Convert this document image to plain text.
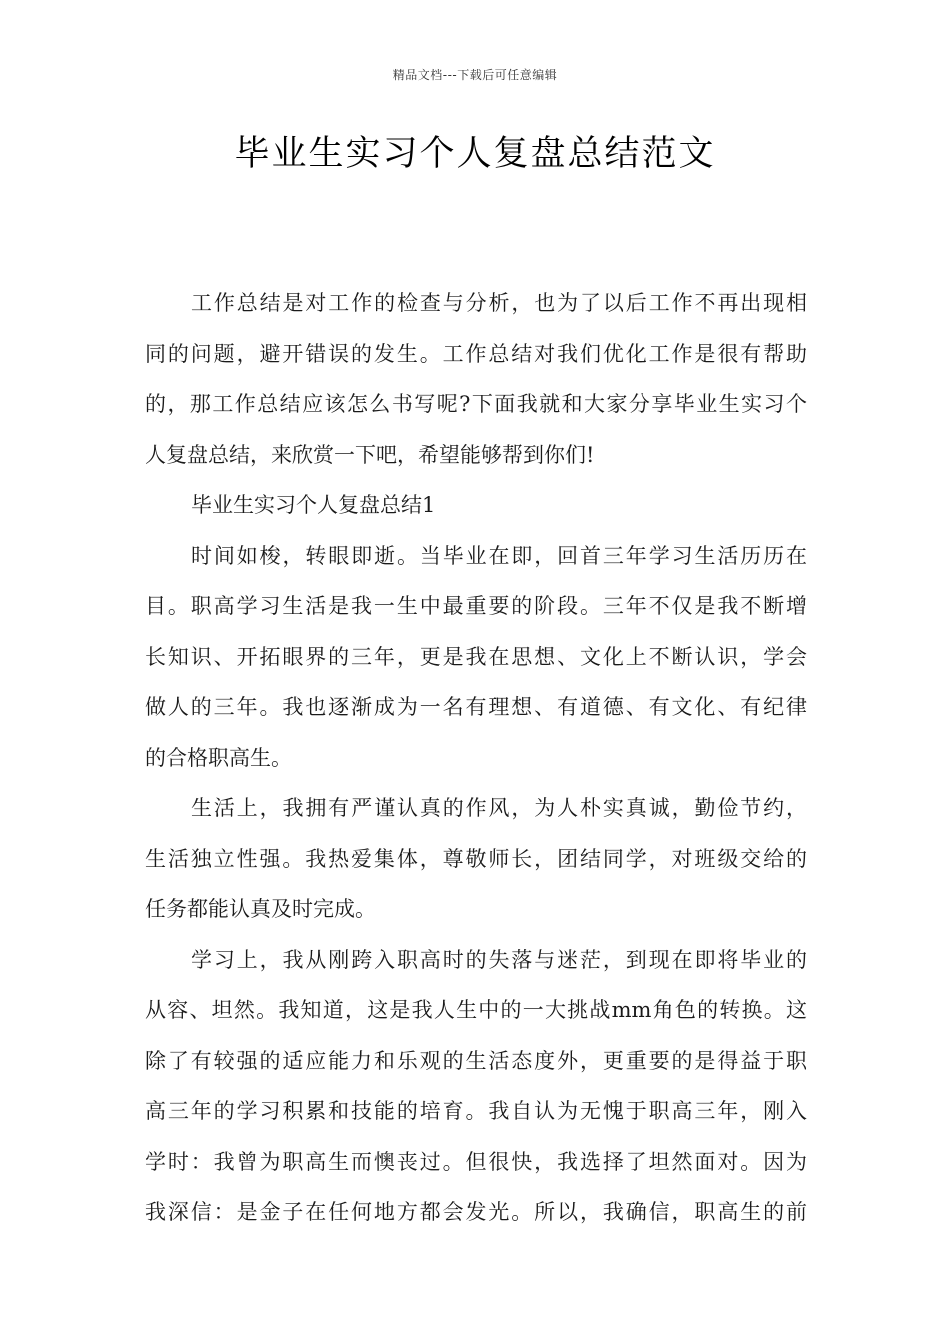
精品文档---下载后可任意编辑
毕业生实习个人复盘总结范文
工作总结是对工作的检查与分析，也为了以后工作不再出现相
同的问题，避开错误的发生。工作总结对我们优化工作是很有帮助
的，那工作总结应该怎么书写呢?下面我就和大家分享毕业生实习个
人复盘总结，来欣赏一下吧，希望能够帮到你们!
毕业生实习个人复盘总结1
时间如梭，转眼即逝。当毕业在即，回首三年学习生活历历在
目。职高学习生活是我一生中最重要的阶段。三年不仅是我不断增
长知识、开拓眼界的三年，更是我在思想、文化上不断认识，学会
做人的三年。我也逐渐成为一名有理想、有道德、有文化、有纪律
的合格职高生。
生活上，我拥有严谨认真的作风，为人朴实真诚，勤俭节约，
生活独立性强。我热爱集体，尊敬师长，团结同学，对班级交给的
任务都能认真及时完成。
学习上，我从刚跨入职高时的失落与迷茫，到现在即将毕业的
从容、坦然。我知道，这是我人生中的一大挑战mm角色的转换。这
除了有较强的适应能力和乐观的生活态度外，更重要的是得益于职
高三年的学习积累和技能的培育。我自认为无愧于职高三年，刚入
学时：我曾为职高生而懊丧过。但很快，我选择了坦然面对。因为
我深信：是金子在任何地方都会发光。所以，我确信，职高生的前
